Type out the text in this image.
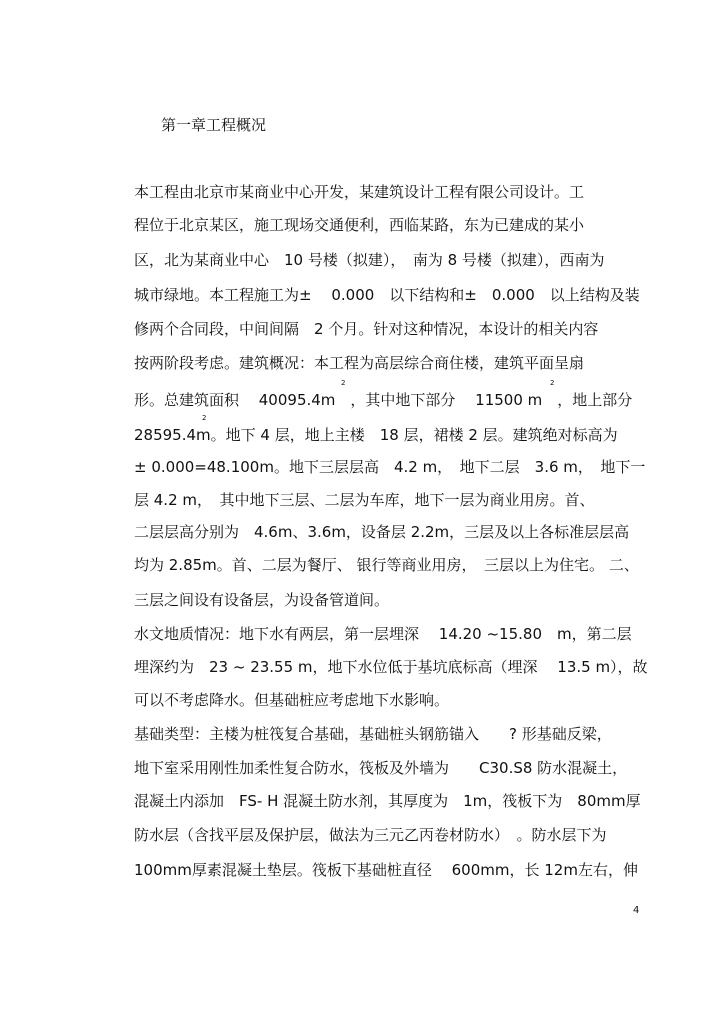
第一章工程概况
本工程由北京市某商业中心开发，某建筑设计工程有限公司设计。工
程位于北京某区，施工现场交通便利，西临某路，东为已建成的某小
区，北为某商业中心　10 号楼（拟建），　南为 8 号楼（拟建），西南为
城市绿地。本工程施工为±　 0.000　以下结构和±　0.000　以上结构及装
修两个合同段，中间间隔　2 个月。针对这种情况，本设计的相关内容
按两阶段考虑。建筑概况：本工程为高层综合商住楼，建筑平面呈扇
形。总建筑面积　 40095.4m　，其中地下部分　 11500 m　，地上部分
28595.4m。地下 4 层，地上主楼　18 层，裙楼 2 层。建筑绝对标高为
± 0.000=48.100m。地下三层层高　4.2 m，　地下二层　3.6 m，　地下一
层 4.2 m，　其中地下三层、二层为车库，地下一层为商业用房。首、
二层层高分别为　4.6m、3.6m，设备层 2.2m，三层及以上各标准层层高
均为 2.85m。首、二层为餐厅、 银行等商业用房，　三层以上为住宅。 二、
三层之间设有设备层，为设备管道间。
水文地质情况：地下水有两层，第一层埋深　 14.20 ~15.80　m，第二层
埋深约为　23 ~ 23.55 m，地下水位低于基坑底标高（埋深　 13.5 m），故
可以不考虑降水。但基础桩应考虑地下水影响。
基础类型：主楼为桩筏复合基础，基础桩头钢筋锚入　　? 形基础反梁，
地下室采用刚性加柔性复合防水，筏板及外墙为　　C30.S8 防水混凝土，
混凝土内添加　FS- H 混凝土防水剂，其厚度为　1m，筏板下为　80mm厚
防水层（含找平层及保护层，做法为三元乙丙卷材防水）　。防水层下为
100mm厚素混凝土垫层。筏板下基础桩直径　 600mm，长 12m左右，伸
2	2
2
4
